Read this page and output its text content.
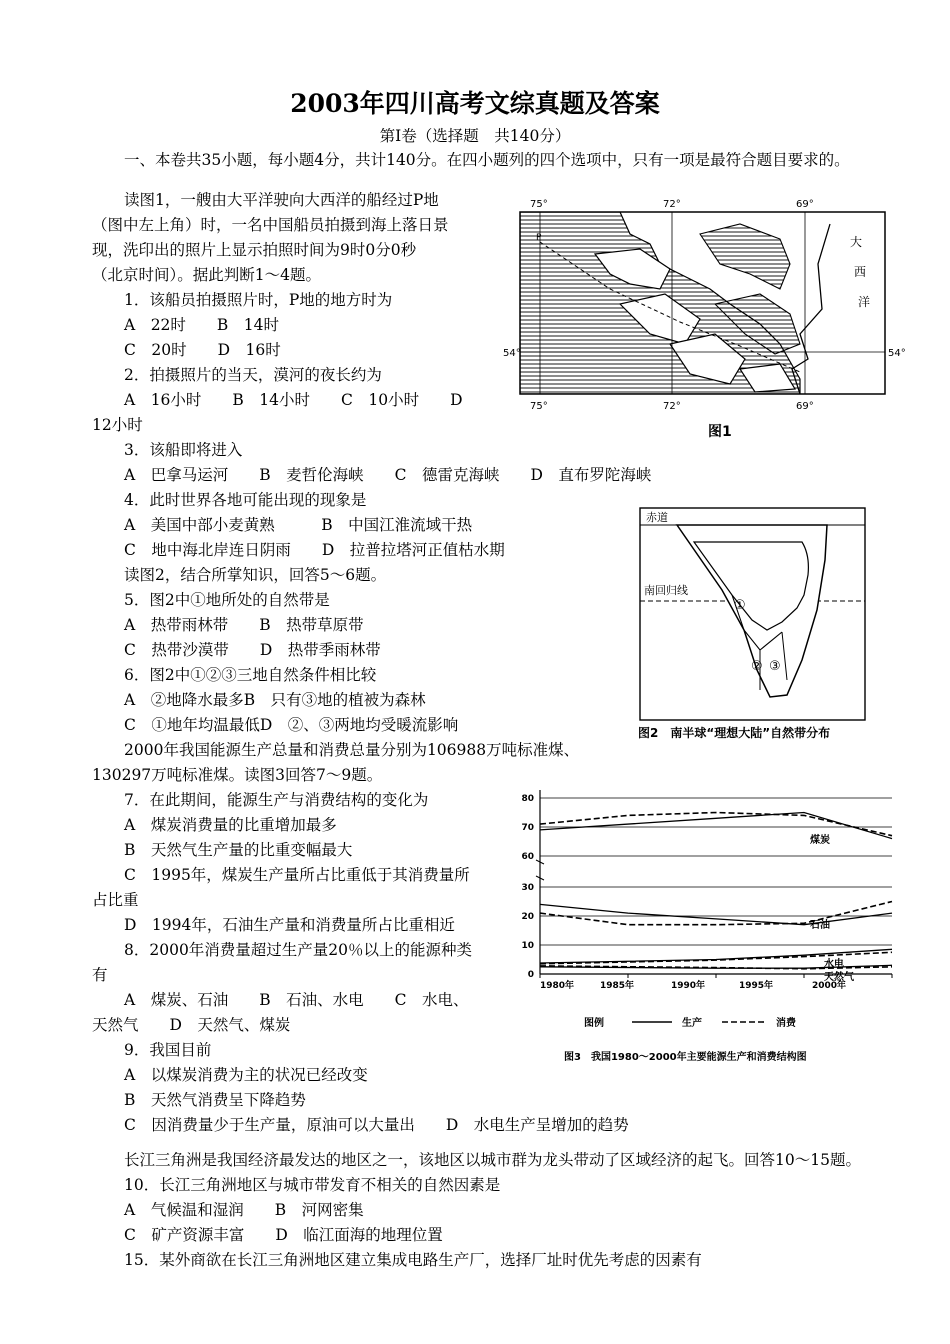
2003年四川高考文综真题及答案
第Ⅰ卷（选择题　共140分）
一、本卷共35小题，每小题4分，共计140分。在四小题列的四个选项中，只有一项是最符合题目要求的。
读图1，一艘由大平洋驶向大西洋的船经过P地
（图中左上角）时，一名中国船员拍摄到海上落日景
现，洗印出的照片上显示拍照时间为9时0分0秒
（北京时间）。据此判断1～4题。
1．该船员拍摄照片时，P地的地方时为
A　22时　　B　14时
C　20时　　D　16时
2．拍摄照片的当天，漠河的夜长约为
A　16小时　　B　14小时　　C　10小时　　D
12小时
3．该船即将进入
A　巴拿马运河　　B　麦哲伦海峡　　C　德雷克海峡　　D　直布罗陀海峡
4．此时世界各地可能出现的现象是
A　美国中部小麦黄熟　　　B　中国江淮流域干热
C　地中海北岸连日阴雨　　D　拉普拉塔河正值枯水期
读图2，结合所掌知识，回答5～6题。
5．图2中①地所处的自然带是
A　热带雨林带　　B　热带草原带
C　热带沙漠带　　D　热带季雨林带
6．图2中①②③三地自然条件相比较
A　②地降水最多B　只有③地的植被为森林
C　①地年均温最低D　②、③两地均受暖流影响
2000年我国能源生产总量和消费总量分别为106988万吨标准煤、
130297万吨标准煤。读图3回答7～9题。
7．在此期间，能源生产与消费结构的变化为
A　煤炭消费量的比重增加最多
B　天然气生产量的比重变幅最大
C　1995年，煤炭生产量所占比重低于其消费量所
占比重
D　1994年，石油生产量和消费量所占比重相近
8．2000年消费量超过生产量20％以上的能源种类
有
A　煤炭、石油　　B　石油、水电　　C　水电、
天然气　　D　天然气、煤炭
9．我国目前
A　以煤炭消费为主的状况已经改变
B　天然气消费呈下降趋势
C　因消费量少于生产量，原油可以大量出　　D　水电生产呈增加的趋势
长江三角洲是我国经济最发达的地区之一，该地区以城市群为龙头带动了区域经济的起飞。回答10～15题。
10．长江三角洲地区与城市带发育不相关的自然因素是
A　气候温和湿润　　B　河网密集
C　矿产资源丰富　　D　临江面海的地理位置
15．某外商欲在长江三角洲地区建立集成电路生产厂，选择厂址时优先考虑的因素有
75°	72°	69°
75°	72°	69°
54°	54°
P	大
西
洋
图1
赤道
南回归线
①
② ③
图2　南半球“理想大陆”自然带分布
0
10
20
30
60
70
80
1980年	1985年	1990年	1995年	2000年
煤炭
石油
水电
天然气
图例	生产	消费
图3　我国1980～2000年主要能源生产和消费结构图
